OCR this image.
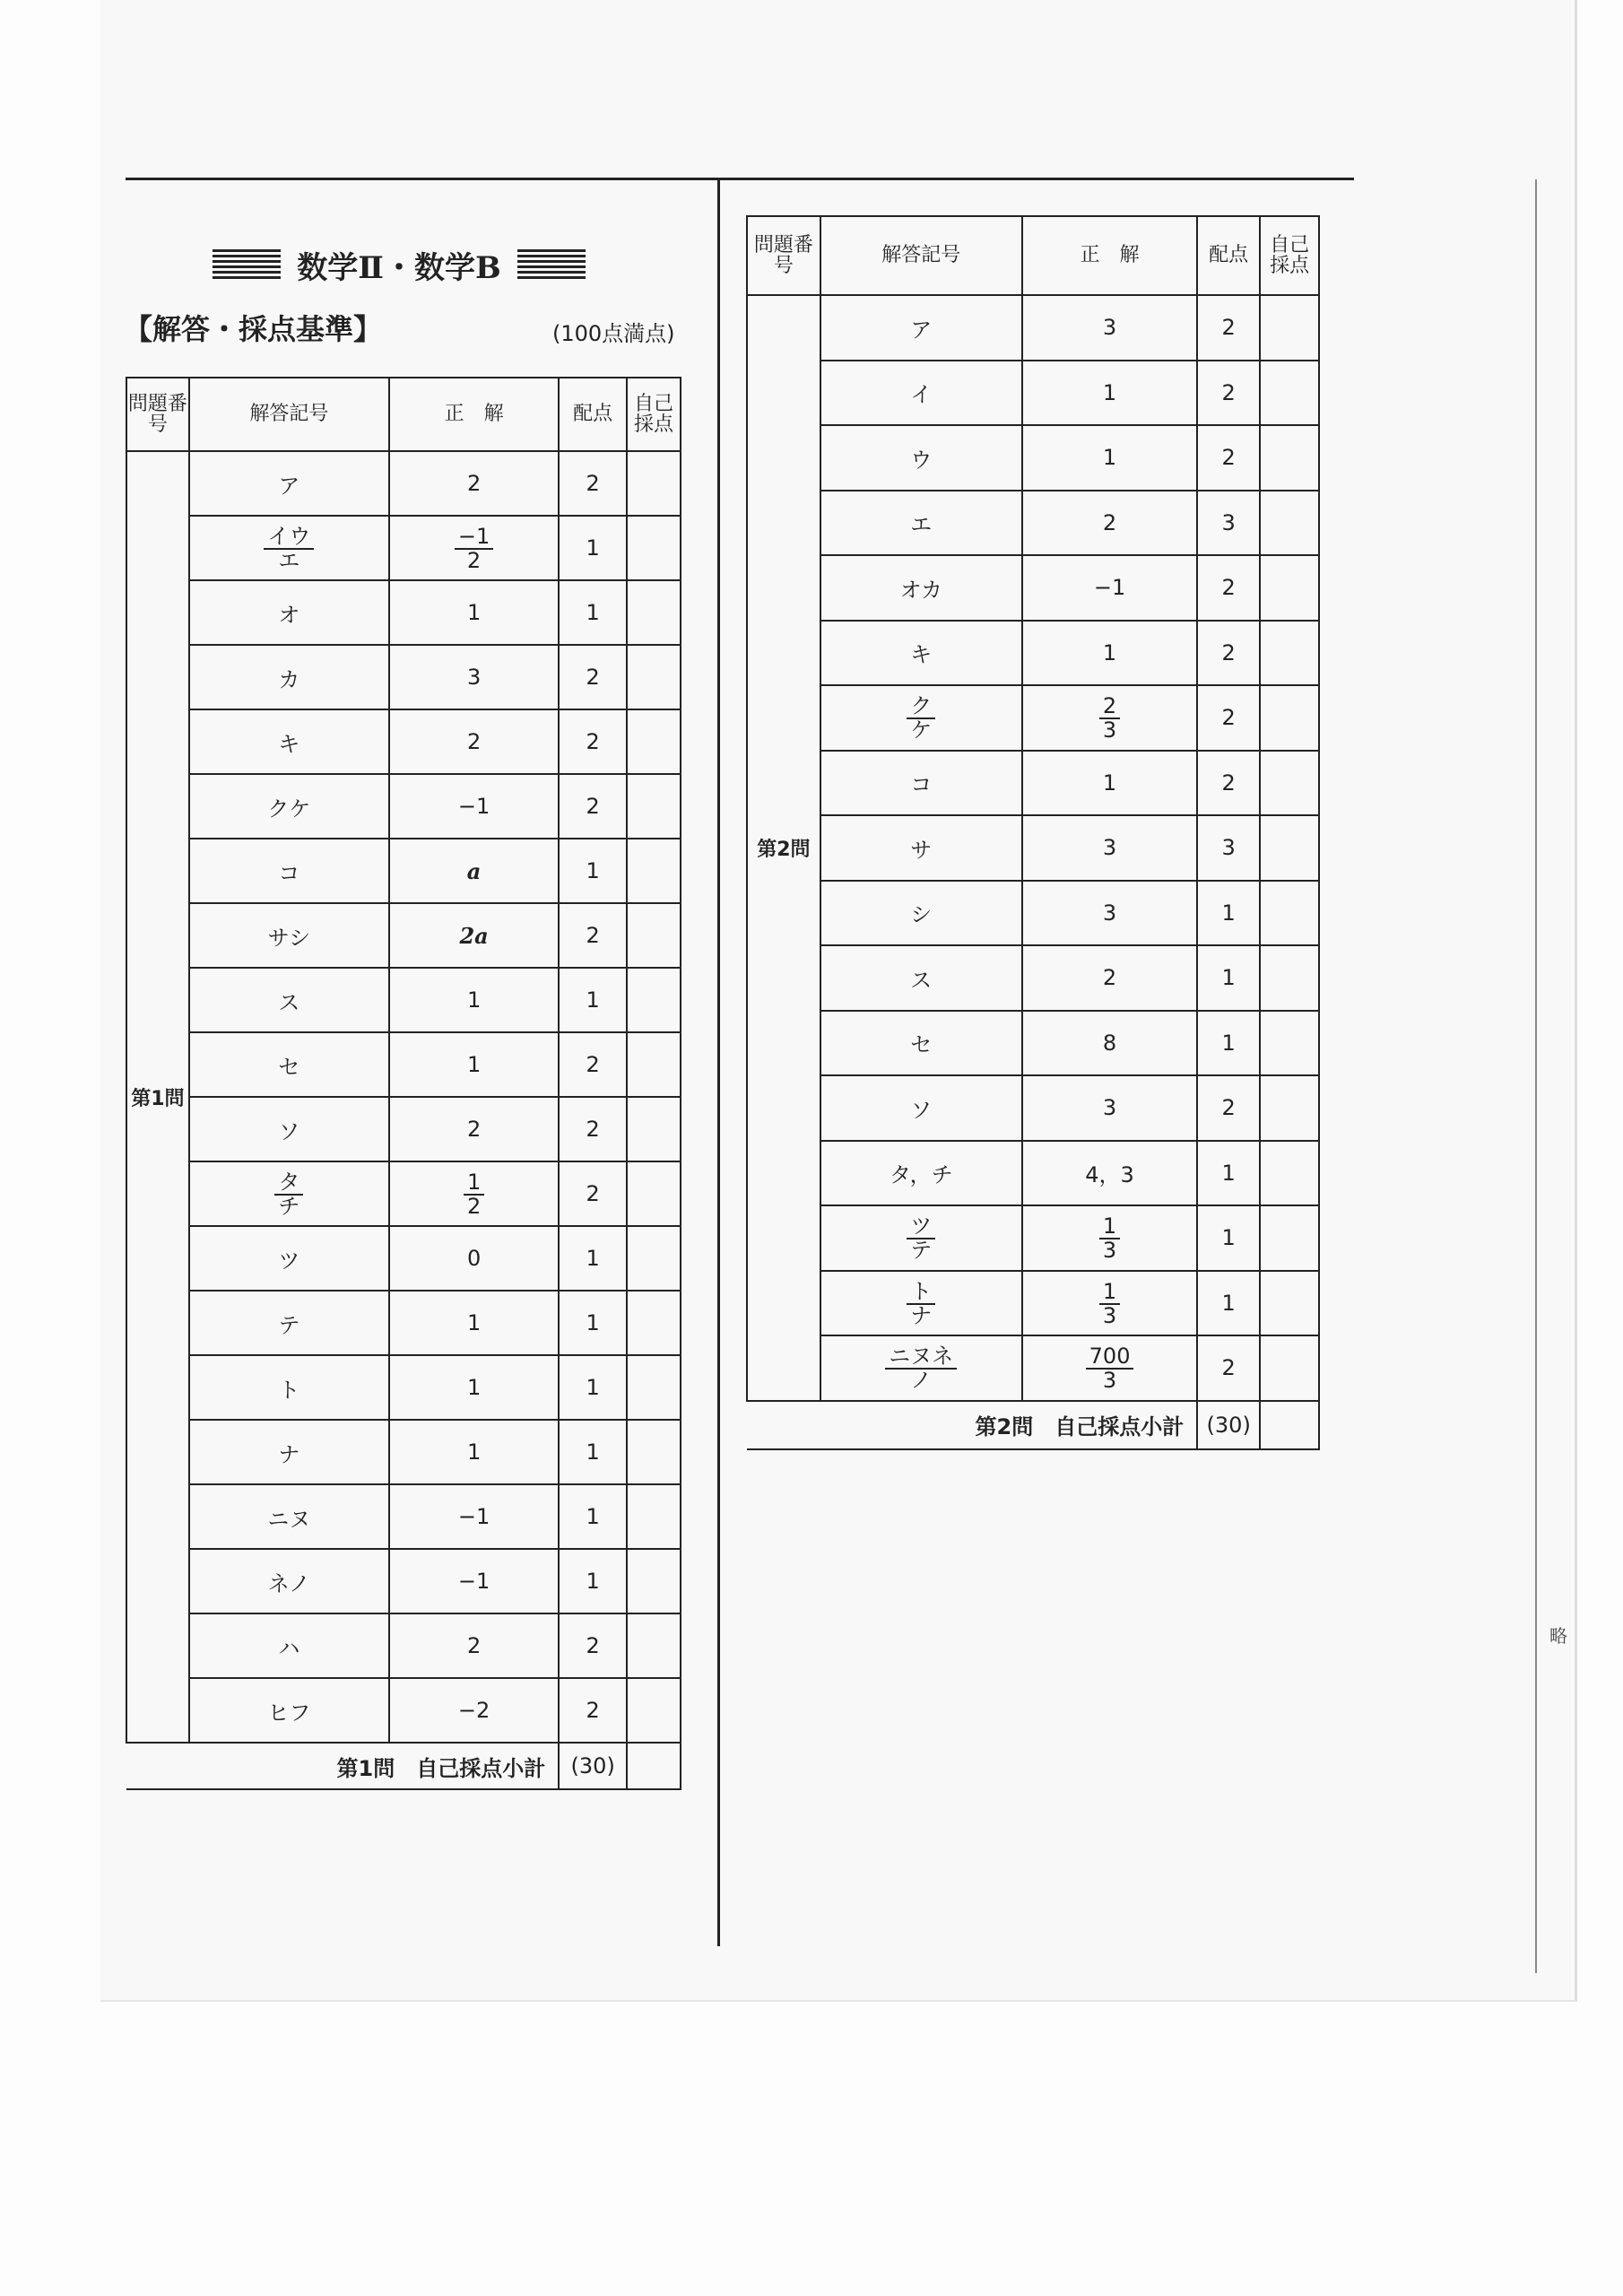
数学Ⅱ・数学B
【解答・採点基準】	(100点満点)
問題番号	解答記号	正　解	配点	自己採点
第1問	ア	2	2	

	$\frac{\text{イウ}}{\text{エ}}$	$\frac{-1}{2}$	1	
	オ	1	1	
	カ	3	2	
	キ	2	2	
	クケ	−1	2	
	コ	a	1	
	サシ	2a	2	
	ス	1	1	
	セ	1	2	
	ソ	2	2	

	$\frac{\text{タ}}{\text{チ}}$	$\frac{1}{2}$	2	
	ツ	0	1	
	テ	1	1	
	ト	1	1	
	ナ	1	1	
	ニヌ	−1	1	
	ネノ	−1	1	
	ハ	2	2	
	ヒフ	−2	2	
第1問　自己採点小計			(30)	
問題番号	解答記号	正　解	配点	自己採点
第2問	ア	3	2	
	イ	1	2	
	ウ	1	2	
	エ	2	3	
	オカ	−1	2	
	キ	1	2	

	$\frac{\text{ク}}{\text{ケ}}$	$\frac{2}{3}$	2	
	コ	1	2	
	サ	3	3	
	シ	3	1	
	ス	2	1	
	セ	8	1	
	ソ	3	2	
	タ，チ	4，3	1	

	$\frac{\text{ツ}}{\text{テ}}$	$\frac{1}{3}$	1	

	$\frac{\text{ト}}{\text{ナ}}$	$\frac{1}{3}$	1	

	$\frac{\text{ニヌネ}}{\text{ノ}}$	$\frac{700}{3}$	2	
第2問　自己採点小計			(30)	
略
